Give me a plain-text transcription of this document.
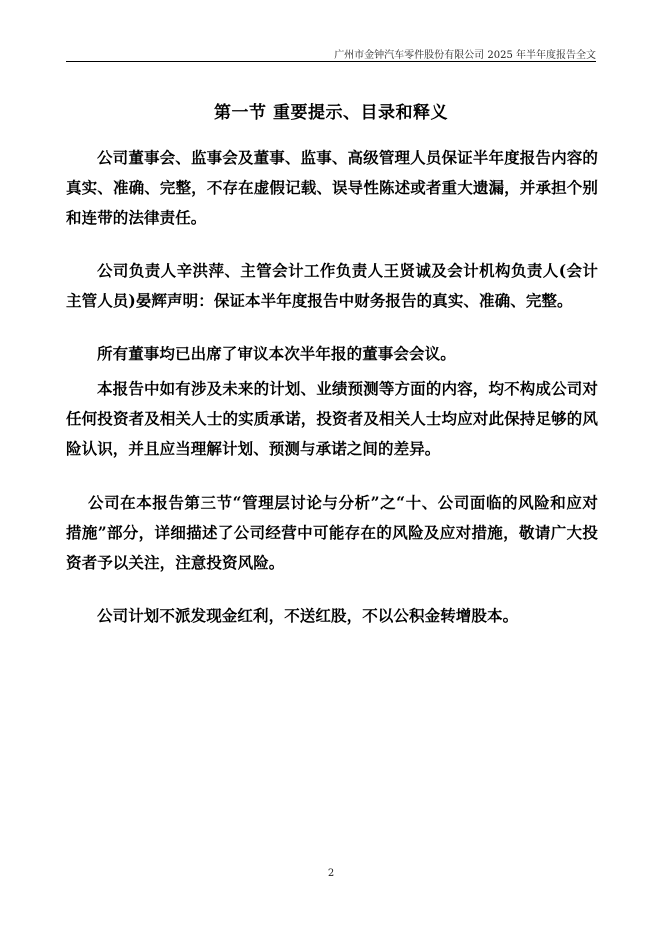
广州市金钟汽车零件股份有限公司 2025 年半年度报告全文
第一节 重要提示、目录和释义

公司董事会、监事会及董事、监事、高级管理人员保证半年度报告内容的真实、准确、完整，不存在虚假记载、误导性陈述或者重大遗漏，并承担个别和连带的法律责任。

公司负责人辛洪萍、主管会计工作负责人王贤诚及会计机构负责人(会计主管人员)晏辉声明：保证本半年度报告中财务报告的真实、准确、完整。

所有董事均已出席了审议本次半年报的董事会会议。

本报告中如有涉及未来的计划、业绩预测等方面的内容，均不构成公司对任何投资者及相关人士的实质承诺，投资者及相关人士均应对此保持足够的风险认识，并且应当理解计划、预测与承诺之间的差异。

公司在本报告第三节“管理层讨论与分析”之“十、公司面临的风险和应对措施”部分，详细描述了公司经营中可能存在的风险及应对措施，敬请广大投资者予以关注，注意投资风险。

公司计划不派发现金红利，不送红股，不以公积金转增股本。

2
